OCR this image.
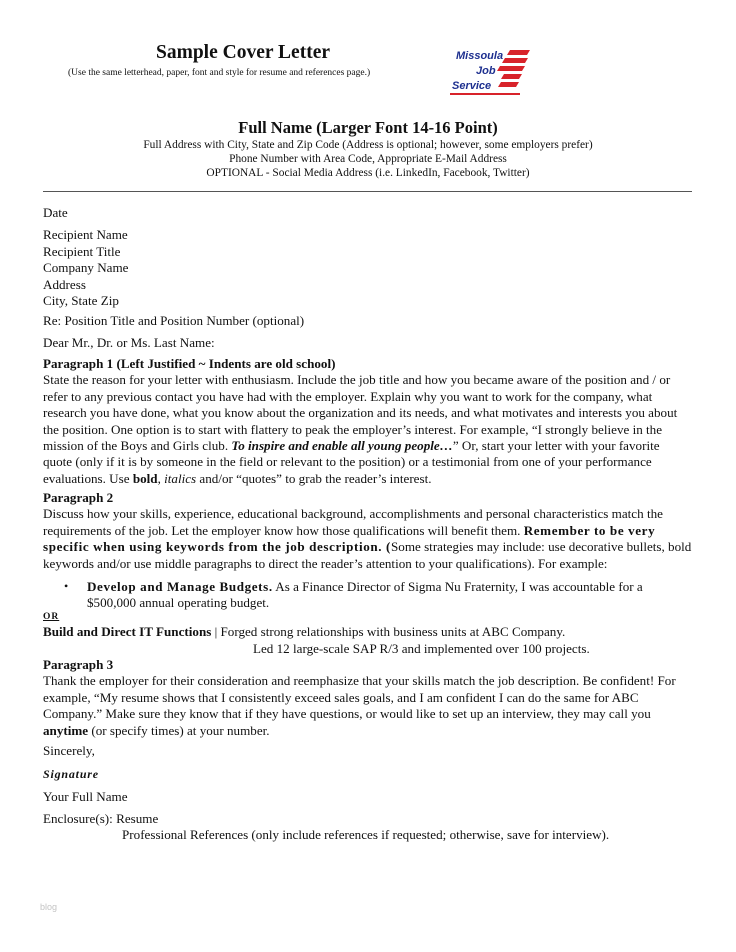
Sample Cover Letter
(Use the same letterhead, paper, font and style for resume and references page.)
Missoula
Job
Service
Full Name (Larger Font 14-16 Point)
Full Address with City, State and Zip Code (Address is optional; however, some employers prefer)
Phone Number with Area Code, Appropriate E-Mail Address
OPTIONAL - Social Media Address (i.e. LinkedIn, Facebook, Twitter)
Date
Recipient Name
Recipient Title
Company Name
Address
City, State Zip
Re: Position Title and Position Number (optional)
Dear Mr., Dr. or Ms. Last Name:
Paragraph 1 (Left Justified ~ Indents are old school)
State the reason for your letter with enthusiasm. Include the job title and how you became aware of the position and / or
refer to any previous contact you have had with the employer. Explain why you want to work for the company, what
research you have done, what you know about the organization and its needs, and what motivates and interests you about
the position. One option is to start with flattery to peak the employer’s interest. For example, “I strongly believe in the
mission of the Boys and Girls club. To inspire and enable all young people…” Or, start your letter with your favorite
quote (only if it is by someone in the field or relevant to the position) or a testimonial from one of your performance
evaluations. Use bold, italics and/or “quotes” to grab the reader’s interest.
Paragraph 2
Discuss how your skills, experience, educational background, accomplishments and personal characteristics match the
requirements of the job. Let the employer know how those qualifications will benefit them. Remember to be very
specific when using keywords from the job description. (Some strategies may include: use decorative bullets, bold
keywords and/or use middle paragraphs to direct the reader’s attention to your qualifications). For example:
• Develop and Manage Budgets. As a Finance Director of Sigma Nu Fraternity, I was accountable for a
$500,000 annual operating budget.
OR
Build and Direct IT Functions | Forged strong relationships with business units at ABC Company.
Led 12 large-scale SAP R/3 and implemented over 100 projects.
Paragraph 3
Thank the employer for their consideration and reemphasize that your skills match the job description. Be confident! For
example, “My resume shows that I consistently exceed sales goals, and I am confident I can do the same for ABC
Company.” Make sure they know that if they have questions, or would like to set up an interview, they may call you
anytime (or specify times) at your number.
Sincerely,
Signature
Your Full Name
Enclosure(s): Resume
Professional References (only include references if requested; otherwise, save for interview).
blog
